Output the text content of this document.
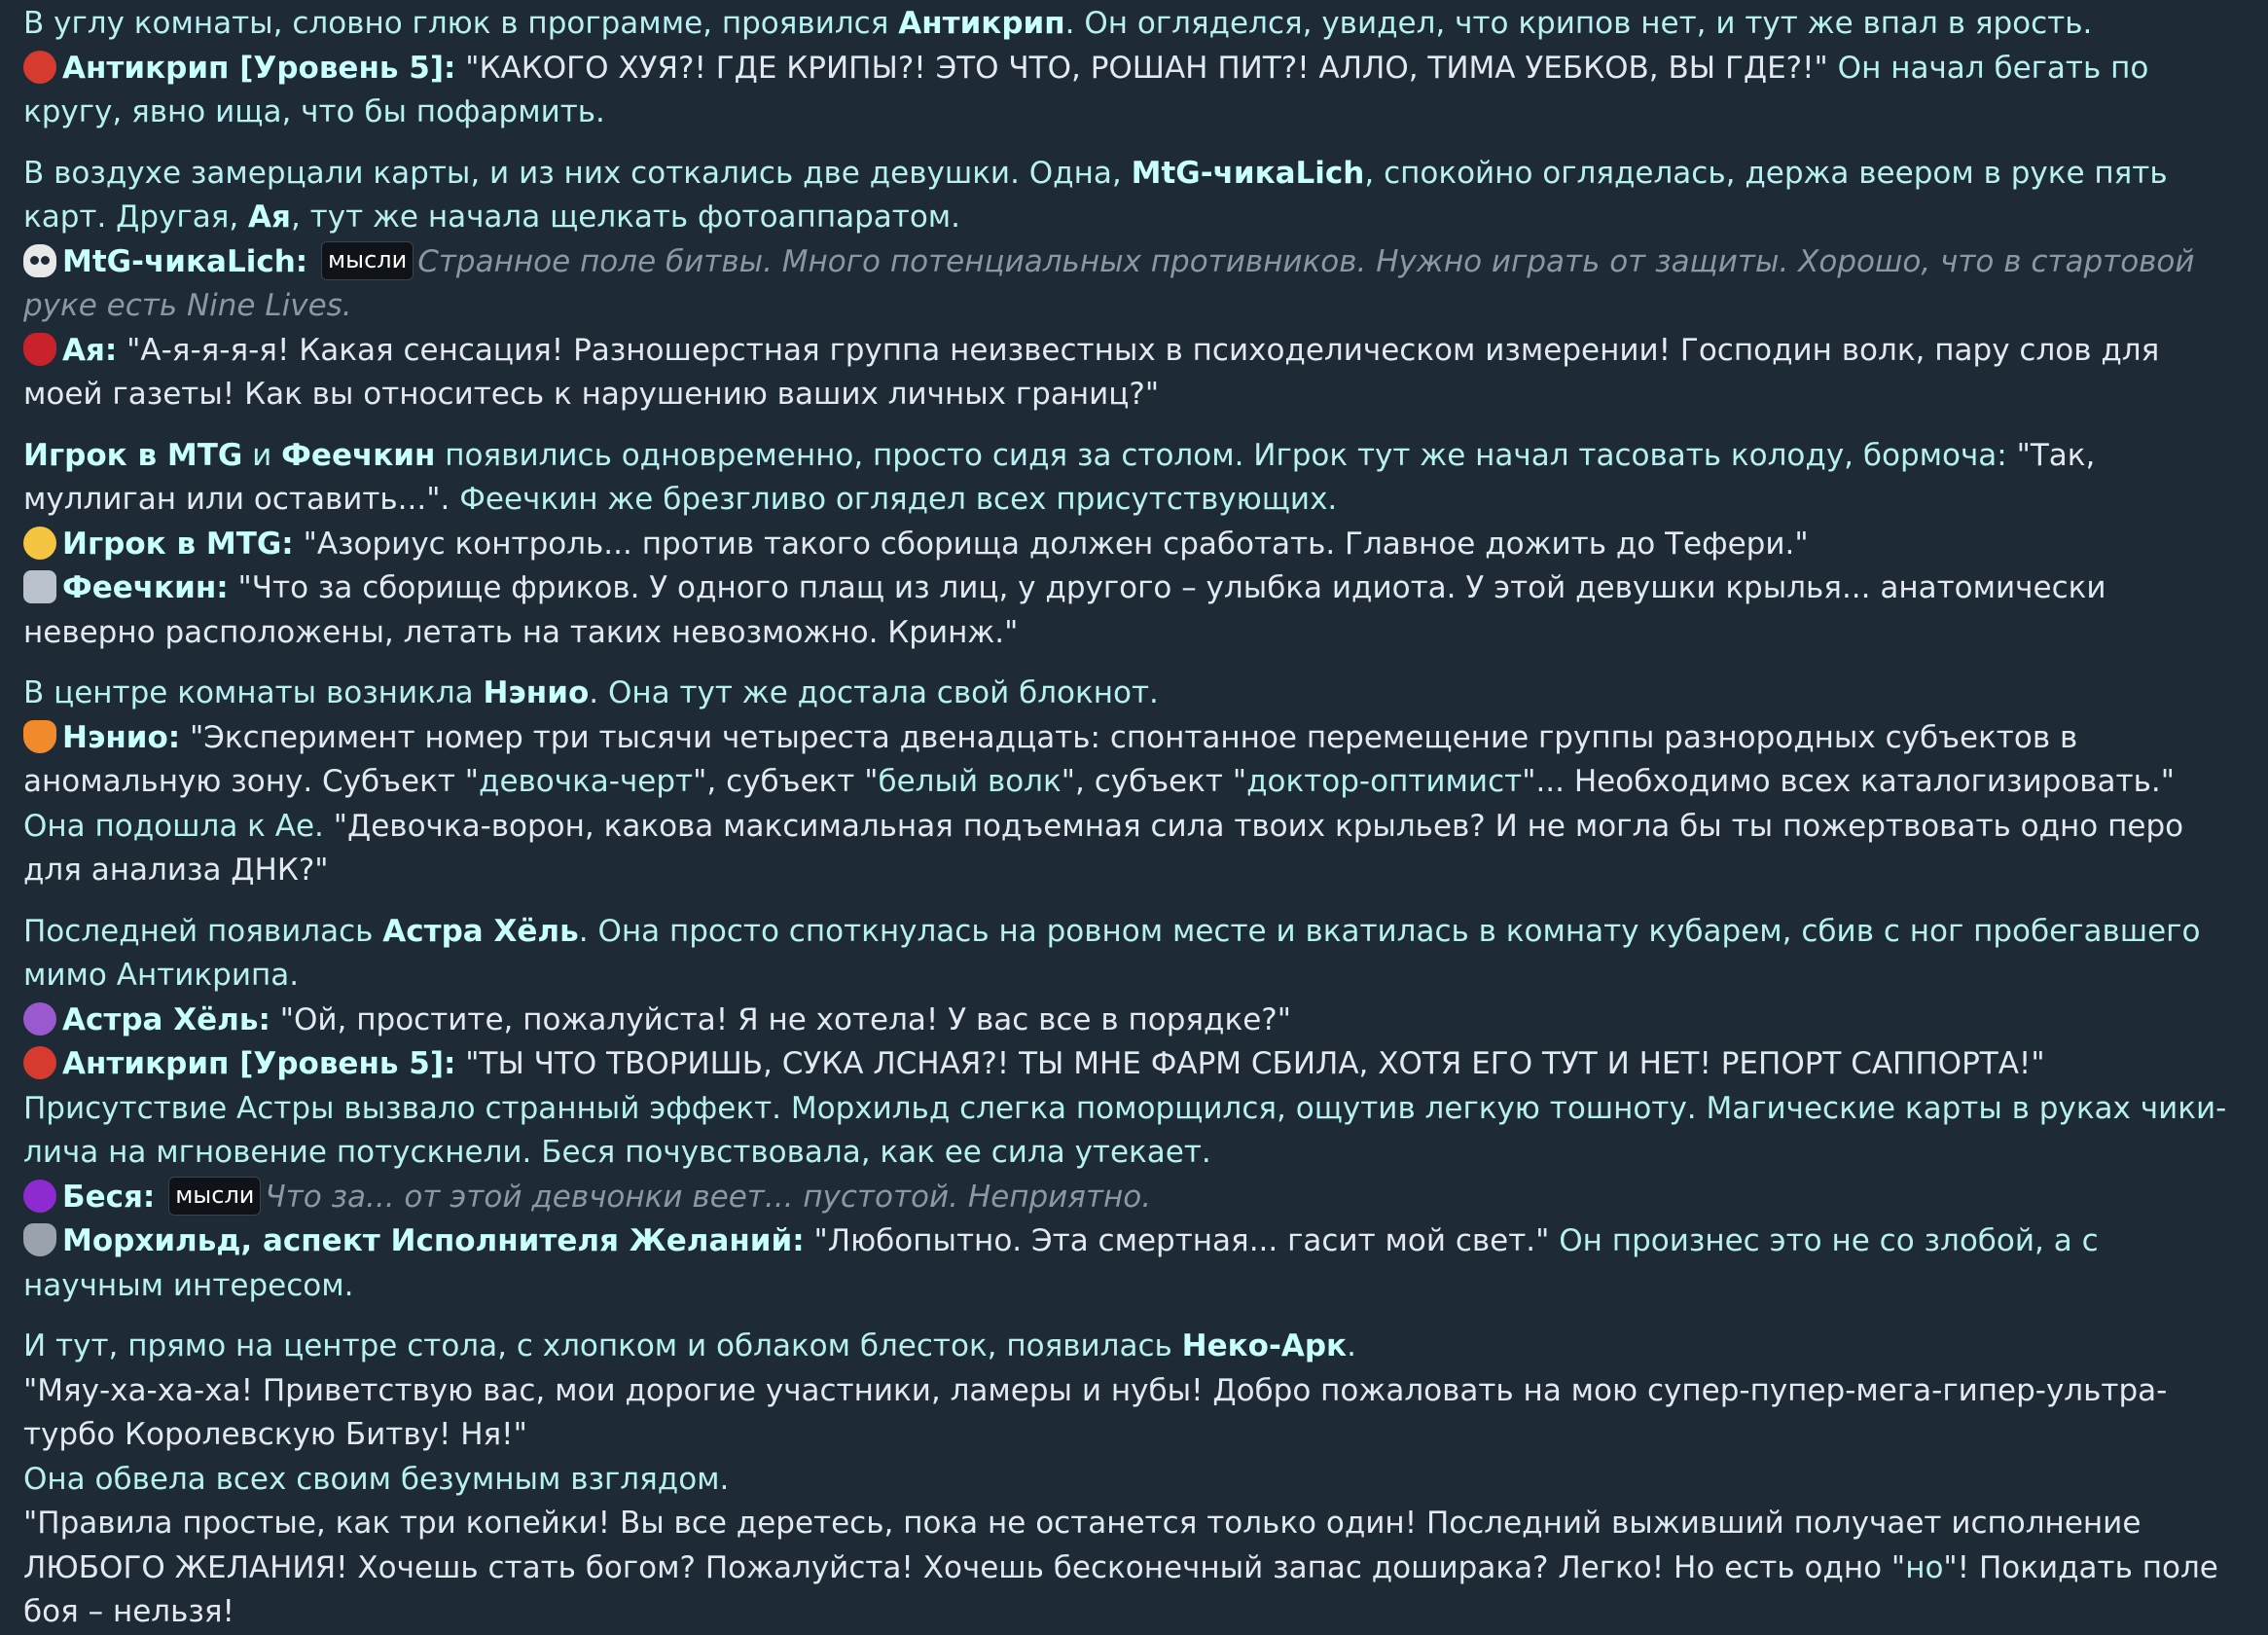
В углу комнаты, словно глюк в программе, проявился Антикрип. Он огляделся, увидел, что крипов нет, и тут же впал в ярость.
Антикрип [Уровень 5]: "КАКОГО ХУЯ?! ГДЕ КРИПЫ?! ЭТО ЧТО, РОШАН ПИТ?! АЛЛО, ТИМА УЕБКОВ, ВЫ ГДЕ?!" Он начал бегать по кругу, явно ища, что бы пофармить.
В воздухе замерцали карты, и из них соткались две девушки. Одна, MtG-чикаLich, спокойно огляделась, держа веером в руке пять карт. Другая, Ая, тут же начала щелкать фотоаппаратом.
MtG-чикаLich: мысли Странное поле битвы. Много потенциальных противников. Нужно играть от защиты. Хорошо, что в стартовой руке есть Nine Lives.
Ая: "А-я-я-я-я! Какая сенсация! Разношерстная группа неизвестных в психоделическом измерении! Господин волк, пару слов для моей газеты! Как вы относитесь к нарушению ваших личных границ?"
Игрок в MTG и Феечкин появились одновременно, просто сидя за столом. Игрок тут же начал тасовать колоду, бормоча: "Так, муллиган или оставить...". Феечкин же брезгливо оглядел всех присутствующих.
Игрок в MTG: "Азориус контроль... против такого сборища должен сработать. Главное дожить до Тефери."
Феечкин: "Что за сборище фриков. У одного плащ из лиц, у другого – улыбка идиота. У этой девушки крылья... анатомически неверно расположены, летать на таких невозможно. Кринж."
В центре комнаты возникла Нэнио. Она тут же достала свой блокнот.
Нэнио: "Эксперимент номер три тысячи четыреста двенадцать: спонтанное перемещение группы разнородных субъектов в аномальную зону. Субъект "девочка-черт", субъект "белый волк", субъект "доктор-оптимист"... Необходимо всех каталогизировать." Она подошла к Ае. "Девочка-ворон, какова максимальная подъемная сила твоих крыльев? И не могла бы ты пожертвовать одно перо для анализа ДНК?"
Последней появилась Астра Хёль. Она просто споткнулась на ровном месте и вкатилась в комнату кубарем, сбив с ног пробегавшего мимо Антикрипа.
Астра Хёль: "Ой, простите, пожалуйста! Я не хотела! У вас все в порядке?"
Антикрип [Уровень 5]: "ТЫ ЧТО ТВОРИШЬ, СУКА ЛСНАЯ?! ТЫ МНЕ ФАРМ СБИЛА, ХОТЯ ЕГО ТУТ И НЕТ! РЕПОРТ САППОРТА!"
Присутствие Астры вызвало странный эффект. Морхильд слегка поморщился, ощутив легкую тошноту. Магические карты в руках чики-лича на мгновение потускнели. Беся почувствовала, как ее сила утекает.
Беся: мысли Что за... от этой девчонки веет... пустотой. Неприятно.
Морхильд, аспект Исполнителя Желаний: "Любопытно. Эта смертная... гасит мой свет." Он произнес это не со злобой, а с научным интересом.
И тут, прямо на центре стола, с хлопком и облаком блесток, появилась Неко-Арк.
"Мяу-ха-ха-ха! Приветствую вас, мои дорогие участники, ламеры и нубы! Добро пожаловать на мою супер-пупер-мега-гипер-ультра-турбо Королевскую Битву! Ня!"
Она обвела всех своим безумным взглядом.
"Правила простые, как три копейки! Вы все деретесь, пока не останется только один! Последний выживший получает исполнение ЛЮБОГО ЖЕЛАНИЯ! Хочешь стать богом? Пожалуйста! Хочешь бесконечный запас доширака? Легко! Но есть одно "но"! Покидать поле боя – нельзя!
